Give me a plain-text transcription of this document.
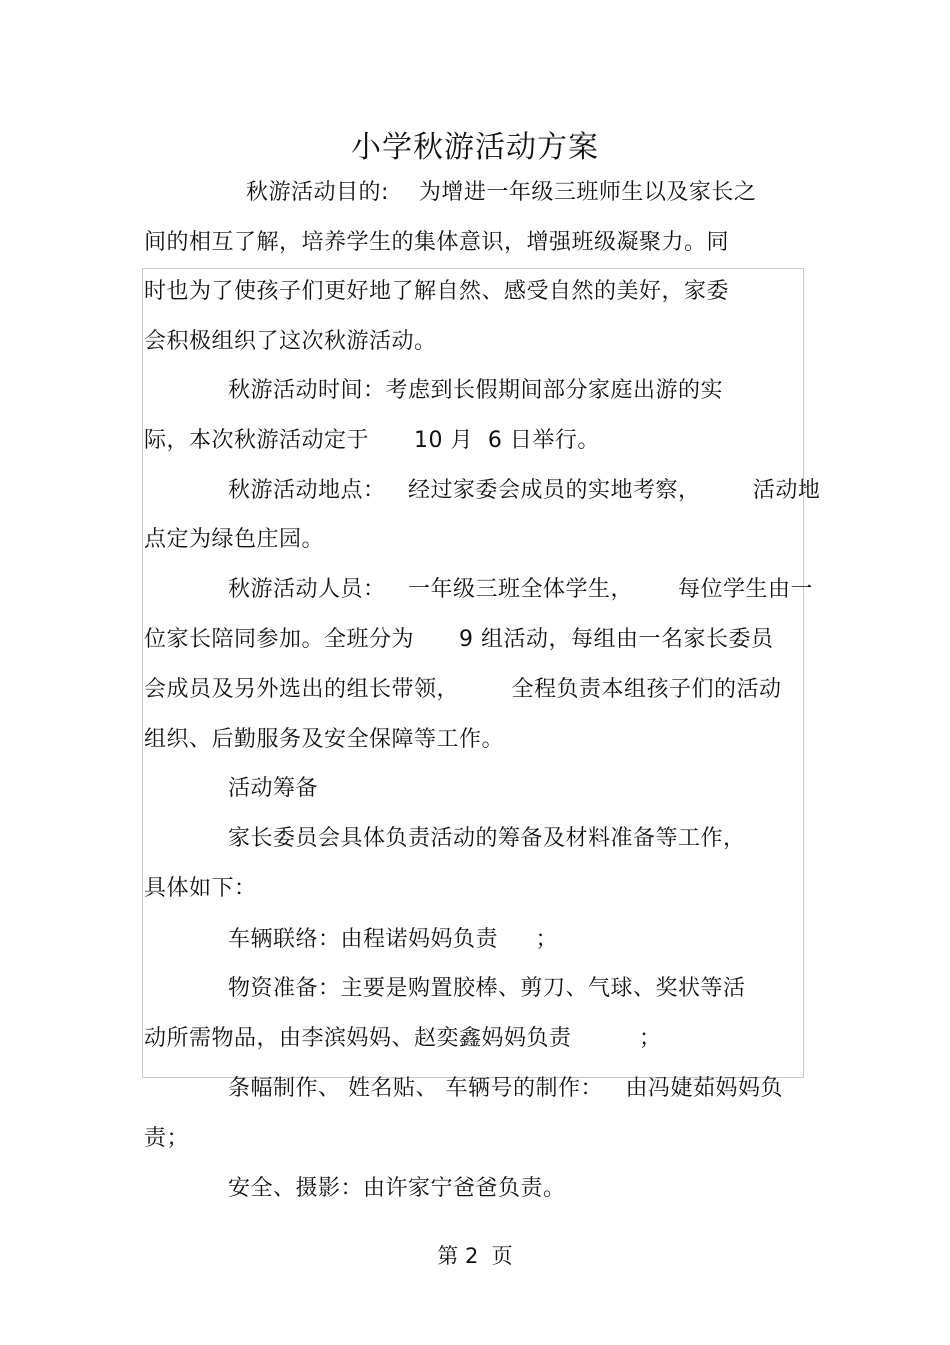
小学秋游活动方案
秋游活动目的:    为增进一年级三班师生以及家长之
间的相互了解，培养学生的集体意识，增强班级凝聚力。同
时也为了使孩子们更好地了解自然、感受自然的美好，家委
会积极组织了这次秋游活动。
秋游活动时间：考虑到长假期间部分家庭出游的实
际，本次秋游活动定于      10 月  6 日举行。
秋游活动地点：   经过家委会成员的实地考察，       活动地
点定为绿色庄园。
秋游活动人员：   一年级三班全体学生，      每位学生由一
位家长陪同参加。全班分为      9 组活动，每组由一名家长委员
会成员及另外选出的组长带领，       全程负责本组孩子们的活动
组织、后勤服务及安全保障等工作。
活动筹备
家长委员会具体负责活动的筹备及材料准备等工作，
具体如下：
车辆联络：由程诺妈妈负责     ；
物资准备：主要是购置胶棒、剪刀、气球、奖状等活
动所需物品，由李滨妈妈、赵奕鑫妈妈负责         ；
条幅制作、 姓名贴、 车辆号的制作：   由冯婕茹妈妈负
责；
安全、摄影：由许家宁爸爸负责。
第 2  页
